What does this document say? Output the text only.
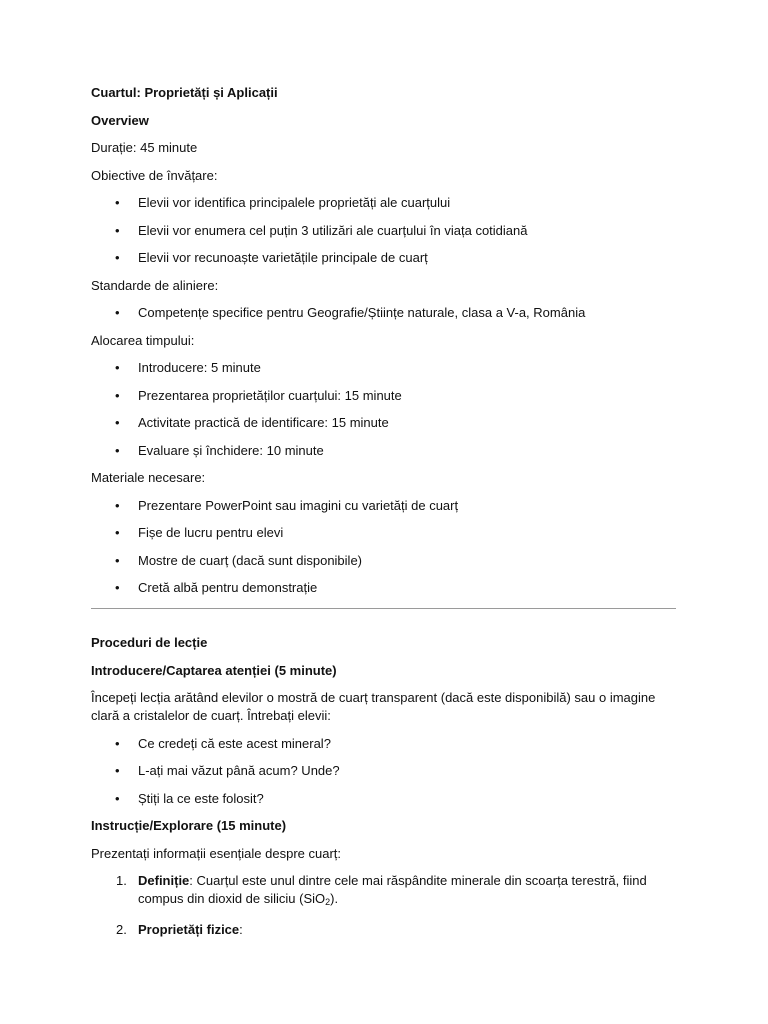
Cuartul: Proprietăți și Aplicații

Overview

Durație: 45 minute

Obiective de învățare:

• Elevii vor identifica principalele proprietăți ale cuarțului
• Elevii vor enumera cel puțin 3 utilizări ale cuarțului în viața cotidiană
• Elevii vor recunoaște varietățile principale de cuarț

Standarde de aliniere:

• Competențe specifice pentru Geografie/Științe naturale, clasa a V-a, România

Alocarea timpului:

• Introducere: 5 minute
• Prezentarea proprietăților cuarțului: 15 minute
• Activitate practică de identificare: 15 minute
• Evaluare și închidere: 10 minute

Materiale necesare:

• Prezentare PowerPoint sau imagini cu varietăți de cuarț
• Fișe de lucru pentru elevi
• Mostre de cuarț (dacă sunt disponibile)
• Cretă albă pentru demonstrație

Proceduri de lecție

Introducere/Captarea atenției (5 minute)

Începeți lecția arătând elevilor o mostră de cuarț transparent (dacă este disponibilă) sau o imagine clară a cristalelor de cuarț. Întrebați elevii:

• Ce credeți că este acest mineral?
• L-ați mai văzut până acum? Unde?
• Știți la ce este folosit?

Instrucție/Explorare (15 minute)

Prezentați informații esențiale despre cuarț:

1. Definiție: Cuarțul este unul dintre cele mai răspândite minerale din scoarța terestră, fiind compus din dioxid de siliciu (SiO$_2$).
2. Proprietăți fizice:
